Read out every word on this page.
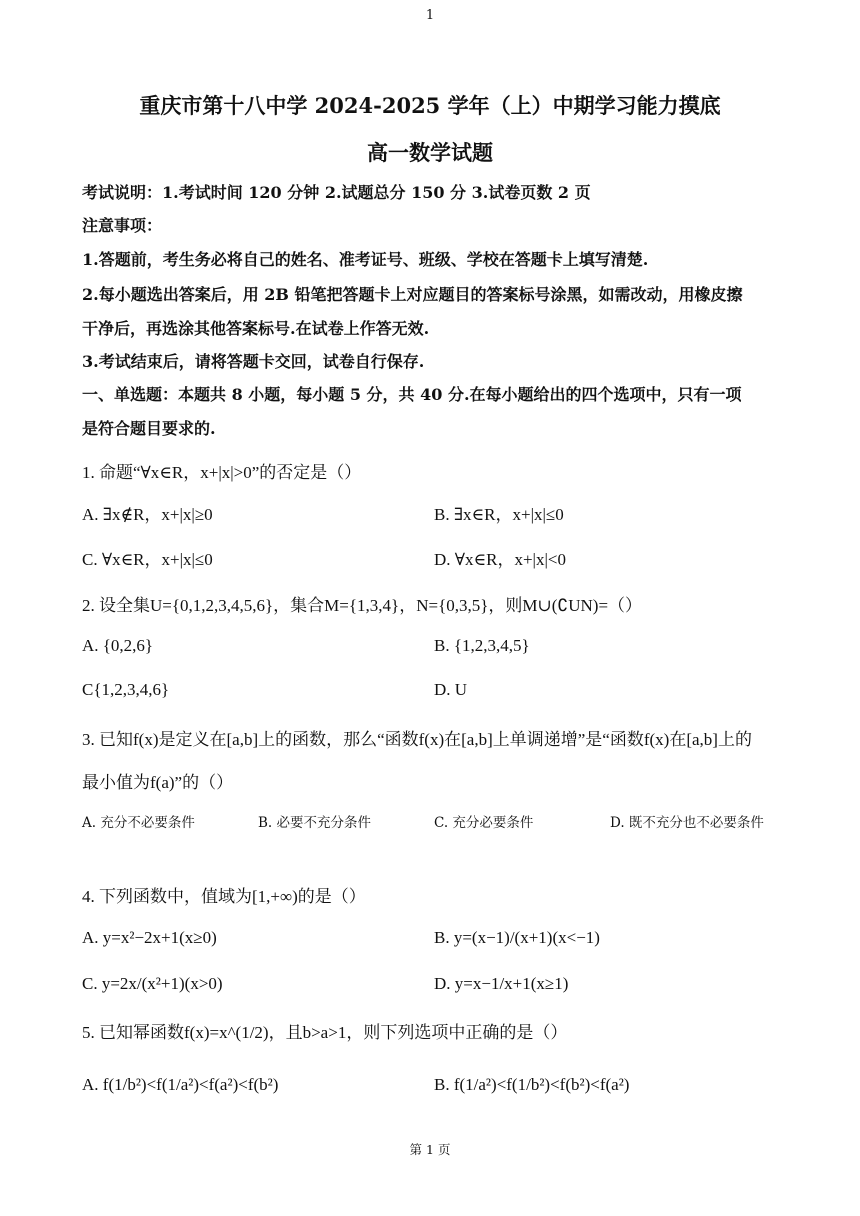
1
重庆市第十八中学 2024-2025 学年（上）中期学习能力摸底
高一数学试题
考试说明：1.考试时间 120 分钟 2.试题总分 150 分 3.试卷页数 2 页
注意事项：
1.答题前，考生务必将自己的姓名、准考证号、班级、学校在答题卡上填写清楚.
2.每小题选出答案后，用 2B 铅笔把答题卡上对应题目的答案标号涂黑，如需改动，用橡皮擦
干净后，再选涂其他答案标号.在试卷上作答无效.
3.考试结束后，请将答题卡交回，试卷自行保存.
一、单选题：本题共 8 小题，每小题 5 分，共 40 分.在每小题给出的四个选项中，只有一项
是符合题目要求的.
1. 命题“∀x∈R，x+|x|>0”的否定是（）
A. ∃x∉R，x+|x|≥0	B. ∃x∈R，x+|x|≤0
C. ∀x∈R，x+|x|≤0	D. ∀x∈R，x+|x|<0
2. 设全集U={0,1,2,3,4,5,6}，集合M={1,3,4}，N={0,3,5}，则M∪(∁UN)=（）
A. {0,2,6}	B. {1,2,3,4,5}
C{1,2,3,4,6}	D. U
3. 已知f(x)是定义在[a,b]上的函数，那么“函数f(x)在[a,b]上单调递增”是“函数f(x)在[a,b]上的
最小值为f(a)”的（）
A. 充分不必要条件	B. 必要不充分条件	C. 充分必要条件	D. 既不充分也不必要条件
4. 下列函数中，值域为[1,+∞)的是（）
A. y=x²−2x+1(x≥0)	B. y=(x−1)/(x+1)(x<−1)
C. y=2x/(x²+1)(x>0)	D. y=x−1/x+1(x≥1)
5. 已知幂函数f(x)=x^(1/2)，且b>a>1，则下列选项中正确的是（）
A. f(1/b²)<f(1/a²)<f(a²)<f(b²)	B. f(1/a²)<f(1/b²)<f(b²)<f(a²)
第 1 页
